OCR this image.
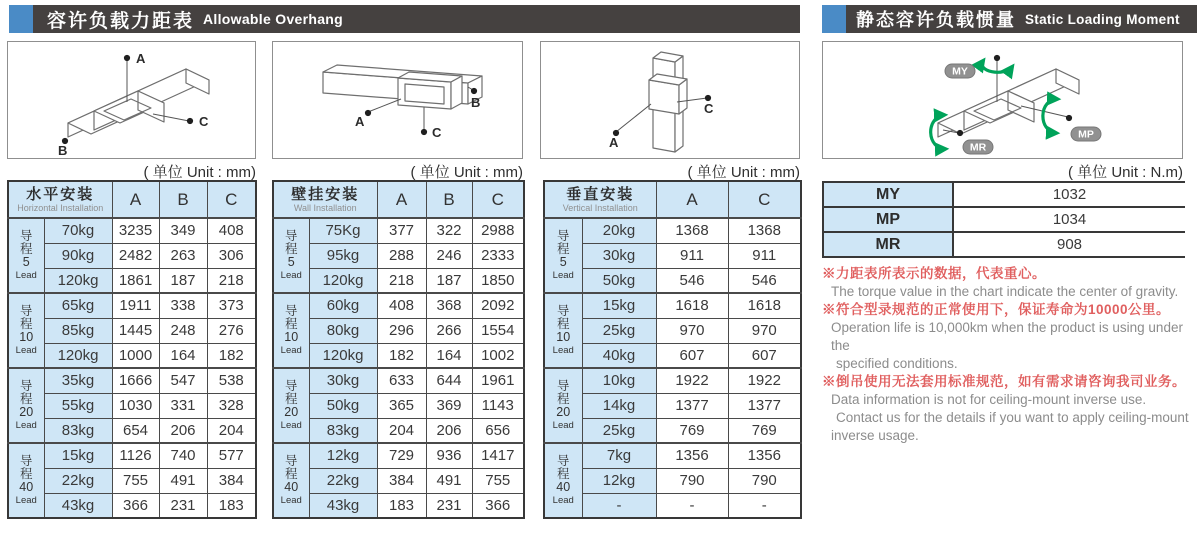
容许负载力距表 Allowable Overhang	静态容许负载惯量 Static Loading Moment
A
B
C	A
B
C
A
C
MY
MP
MR
( 单位 Unit : mm)	( 单位 Unit : mm)	( 单位 Unit : mm)	( 单位 Unit : N.m)
水平安装
Horizontal Installation		A	B	C

导
程
5
Lead	70kg	3235	349	408
	90kg	2482	263	306
	120kg	1861	187	218

导
程
10
Lead	65kg	1911	338	373
	85kg	1445	248	276
	120kg	1000	164	182

导
程
20
Lead	35kg	1666	547	538
	55kg	1030	331	328
	83kg	654	206	204

导
程
40
Lead	15kg	1126	740	577
	22kg	755	491	384
	43kg	366	231	183
壁挂安装
Wall Installation		A	B	C

导
程
5
Lead	75Kg	377	322	2988
	95kg	288	246	2333
	120kg	218	187	1850

导
程
10
Lead	60kg	408	368	2092
	80kg	296	266	1554
	120kg	182	164	1002

导
程
20
Lead	30kg	633	644	1961
	50kg	365	369	1143
	83kg	204	206	656

导
程
40
Lead	12kg	729	936	1417
	22kg	384	491	755
	43kg	183	231	366
垂直安装
Vertical Installation		A	C

导
程
5
Lead	20kg	1368	1368
	30kg	911	911
	50kg	546	546

导
程
10
Lead	15kg	1618	1618
	25kg	970	970
	40kg	607	607

导
程
20
Lead	10kg	1922	1922
	14kg	1377	1377
	25kg	769	769

导
程
40
Lead	7kg	1356	1356
	12kg	790	790
	-	-	-
MY	1032
MP	1034
MR	908
※力距表所表示的数据，代表重心。
The torque value in the chart indicate the center of gravity.
※符合型录规范的正常使用下，保证寿命为10000公里。
Operation life is 10,000km when the product is using under the
specified conditions.
※倒吊使用无法套用标准规范，如有需求请咨询我司业务。
Data information is not for ceiling-mount inverse use.
Contact us for the details if you want to apply ceiling-mount
inverse usage.
